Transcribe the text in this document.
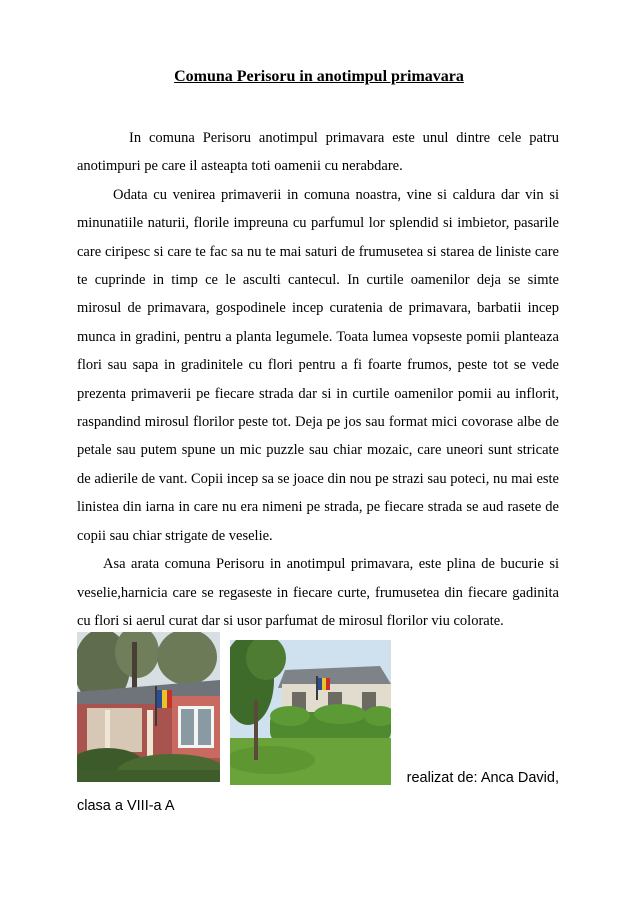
Comuna Perisoru in anotimpul primavara

In comuna Perisoru anotimpul primavara este unul dintre cele patru anotimpuri pe care il asteapta toti oamenii cu nerabdare.

Odata cu venirea primaverii in comuna noastra, vine si caldura dar vin si minunatiile naturii, florile impreuna cu parfumul lor splendid si imbietor, pasarile care ciripesc si care te fac sa nu te mai saturi de frumusetea si starea de liniste care te cuprinde in timp ce le asculti cantecul. In curtile oamenilor deja se simte mirosul de primavara, gospodinele incep curatenia de primavara, barbatii incep munca in gradini, pentru a planta legumele. Toata lumea vopseste pomii planteaza flori sau sapa in gradinitele cu flori pentru a fi foarte frumos, peste tot se vede prezenta primaverii pe fiecare strada dar si in curtile oamenilor pomii au inflorit, raspandind mirosul florilor peste tot. Deja pe jos sau format mici covorase albe de petale sau putem spune un mic puzzle sau chiar mozaic, care uneori sunt stricate de adierile de vant. Copii incep sa se joace din nou pe strazi sau poteci, nu mai este linistea din iarna in care nu era nimeni pe strada, pe fiecare strada se aud rasete de copii sau chiar strigate de veselie.

Asa arata comuna Perisoru in anotimpul primavara, este plina de bucurie si veselie,harnicia care se regaseste in fiecare curte, frumusetea din fiecare gadinita cu flori si aerul curat dar si usor parfumat de mirosul florilor viu colorate.

realizat de: Anca David,
clasa a VIII-a A
